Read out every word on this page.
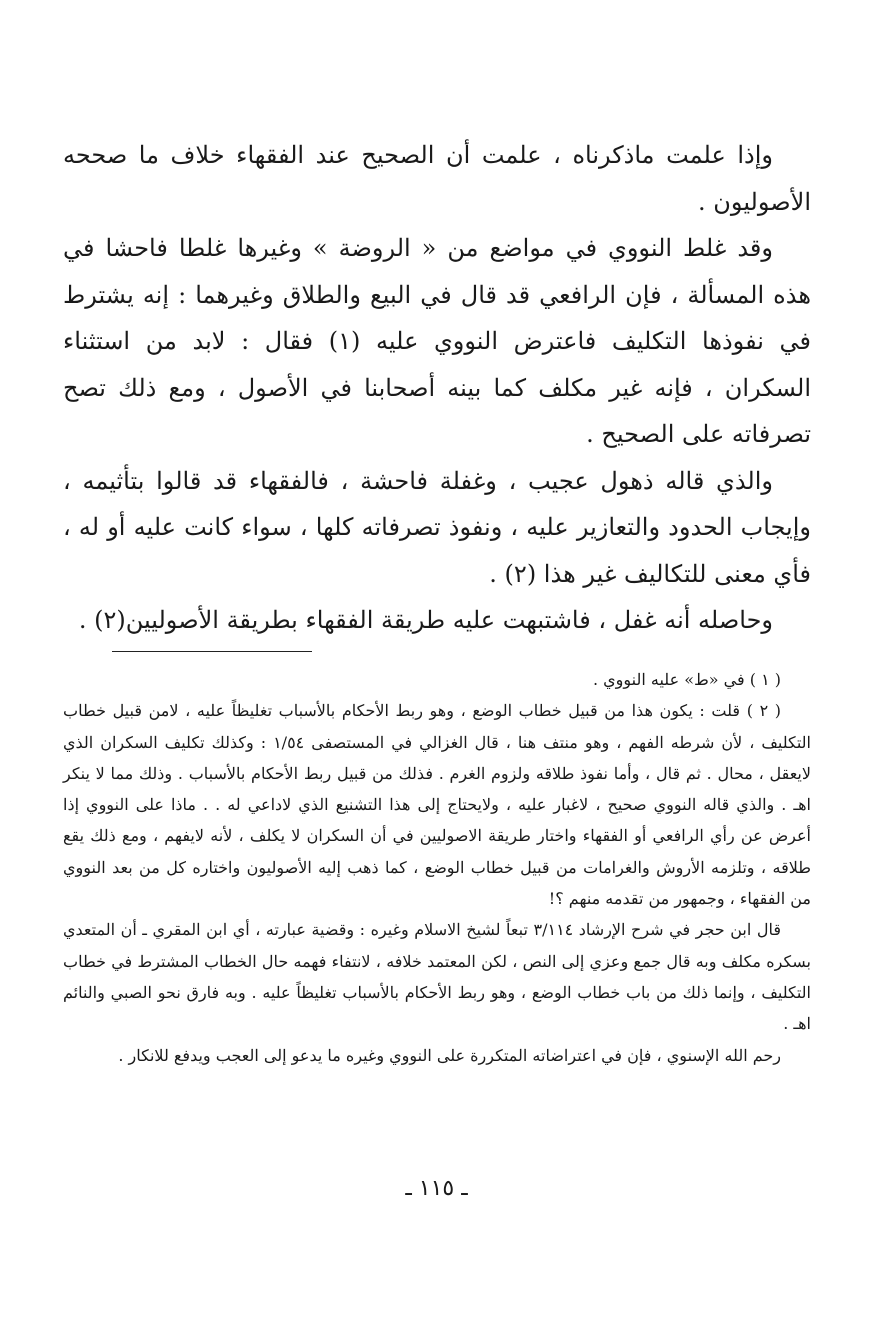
وإذا علمت ماذكرناه ، علمت أن الصحيح عند الفقهاء خلاف ما صححه الأصوليون .

وقد غلط النووي في مواضع من « الروضة » وغيرها غلطا فاحشا في هذه المسألة ، فإن الرافعي قد قال في البيع والطلاق وغيرهما : إنه يشترط في نفوذها التكليف فاعترض النووي عليه (١) فقال : لابد من استثناء السكران ، فإنه غير مكلف كما بينه أصحابنا في الأصول ، ومع ذلك تصح تصرفاته على الصحيح .

والذي قاله ذهول عجيب ، وغفلة فاحشة ، فالفقهاء قد قالوا بتأثيمه ، وإيجاب الحدود والتعازير عليه ، ونفوذ تصرفاته كلها ، سواء كانت عليه أو له ، فأي معنى للتكاليف غير هذا (٢) .

وحاصله أنه غفل ، فاشتبهت عليه طريقة الفقهاء بطريقة الأصوليين(٢) .

( ١ ) في «ط» عليه النووي .

( ٢ ) قلت : يكون هذا من قبيل خطاب الوضع ، وهو ربط الأحكام بالأسباب تغليظاً عليه ، لامن قبيل خطاب التكليف ، لأن شرطه الفهم ، وهو منتف هنا ، قال الغزالي في المستصفى ١/٥٤ : وكذلك تكليف السكران الذي لايعقل ، محال . ثم قال ، وأما نفوذ طلاقه ولزوم الغرم . فذلك من قبيل ربط الأحكام بالأسباب . وذلك مما لا ينكر اهـ . والذي قاله النووي صحيح ، لاغبار عليه ، ولايحتاج إلى هذا التشنيع الذي لاداعي له . . ماذا على النووي إذا أعرض عن رأي الرافعي أو الفقهاء واختار طريقة الاصوليين في أن السكران لا يكلف ، لأنه لايفهم ، ومع ذلك يقع طلاقه ، وتلزمه الأروش والغرامات من قبيل خطاب الوضع ، كما ذهب إليه الأصوليون واختاره كل من بعد النووي من الفقهاء ، وجمهور من تقدمه منهم ؟!

قال ابن حجر في شرح الإرشاد ٣/١١٤ تبعاً لشيخ الاسلام وغيره : وقضية عبارته ، أي ابن المقري ـ أن المتعدي بسكره مكلف وبه قال جمع وعزي إلى النص ، لكن المعتمد خلافه ، لانتفاء فهمه حال الخطاب المشترط في خطاب التكليف ، وإنما ذلك من باب خطاب الوضع ، وهو ربط الأحكام بالأسباب تغليظاً عليه . وبه فارق نحو الصبي والنائم اهـ .

رحم الله الإسنوي ، فإن في اعتراضاته المتكررة على النووي وغيره ما يدعو إلى العجب ويدفع للانكار .

ـ ١١٥ ـ
